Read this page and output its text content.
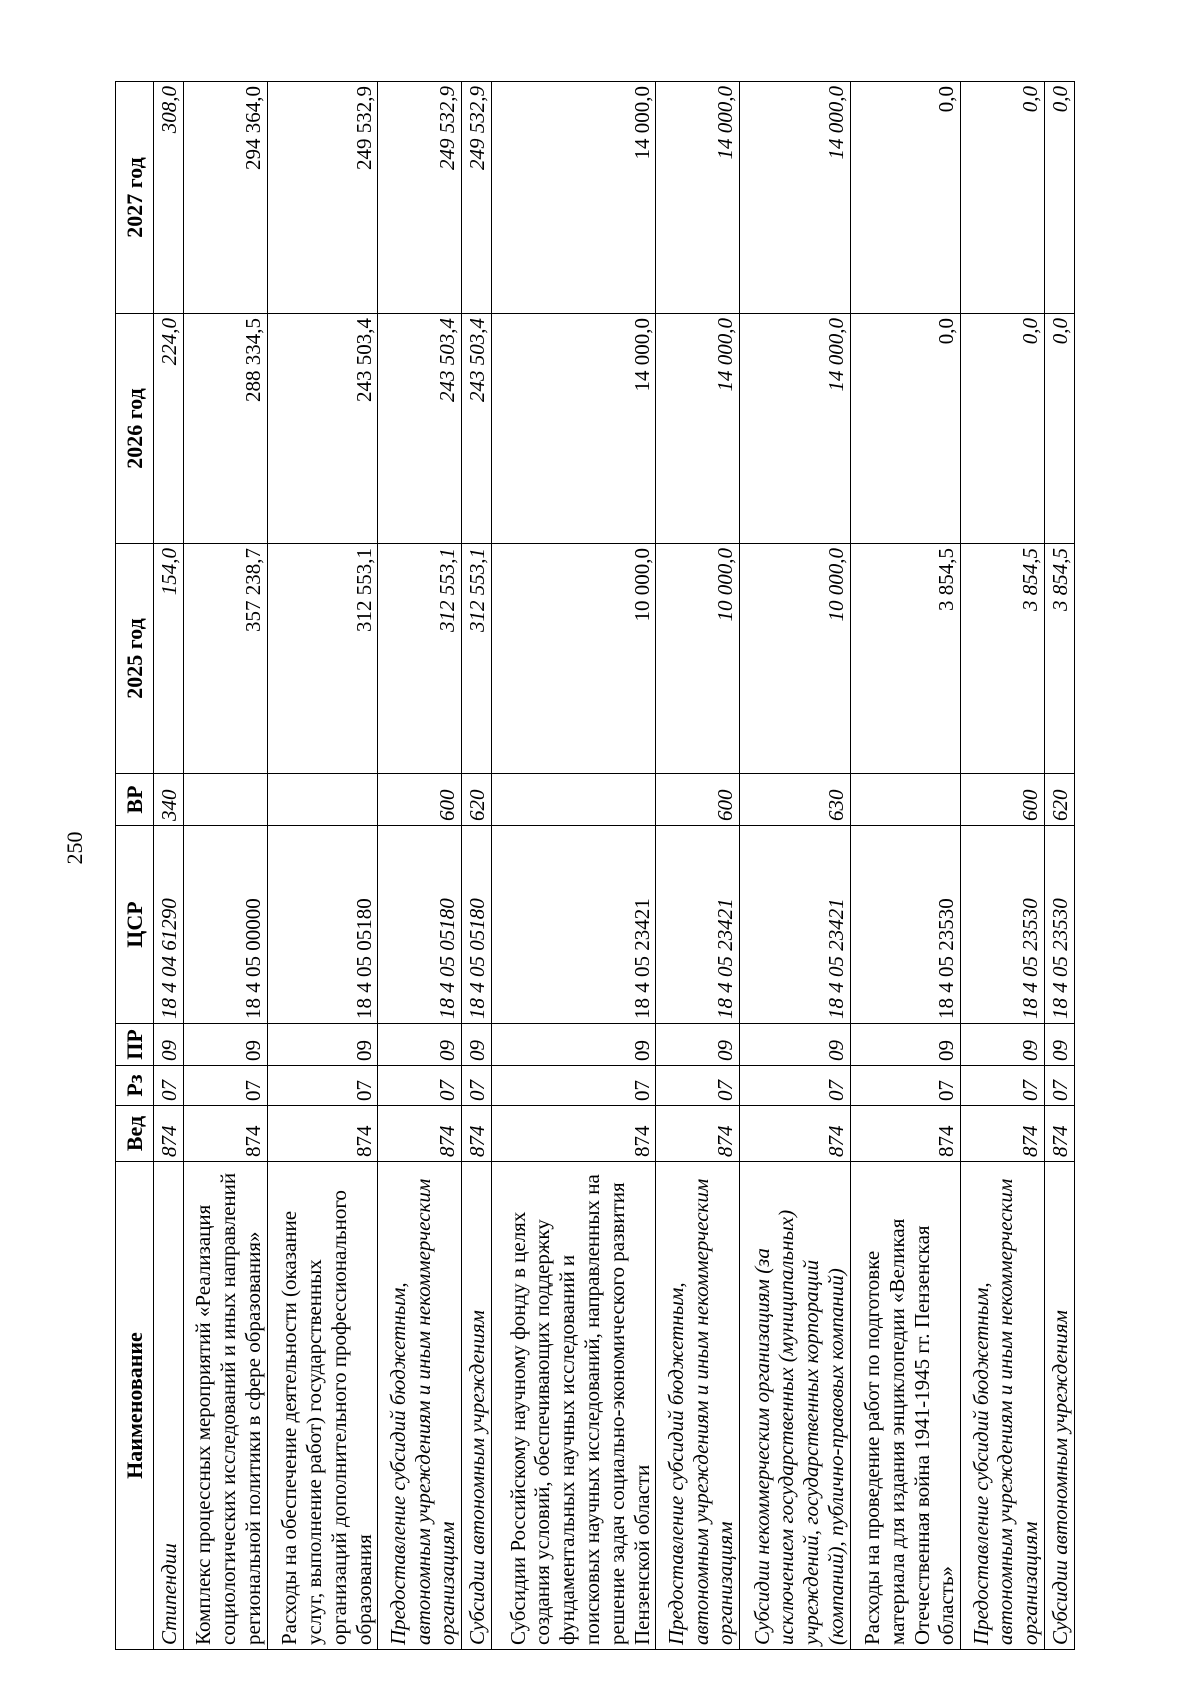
250
Наименование	Вед	Рз	ПР	ЦСР	ВР	2025 год	2026 год	2027 год
Стипендии	874	07	09	18 4 04 61290	340	154,0	224,0	308,0
Комплекс процессных мероприятий «Реализация социологических исследований и иных направлений региональной политики в сфере образования»	874	07	09	18 4 05 00000		357 238,7	288 334,5	294 364,0
Расходы на обеспечение деятельности (оказание услуг, выполнение работ) государственных организаций дополнительного профессионального образования	874	07	09	18 4 05 05180		312 553,1	243 503,4	249 532,9
Предоставление субсидий бюджетным, автономным учреждениям и иным некоммерческим организациям	874	07	09	18 4 05 05180	600	312 553,1	243 503,4	249 532,9
Субсидии автономным учреждениям	874	07	09	18 4 05 05180	620	312 553,1	243 503,4	249 532,9
Субсидии Российскому научному фонду в целях создания условий, обеспечивающих поддержку фундаментальных научных исследований и поисковых научных исследований, направленных на решение задач социально-экономического развития Пензенской области	874	07	09	18 4 05 23421		10 000,0	14 000,0	14 000,0
Предоставление субсидий бюджетным, автономным учреждениям и иным некоммерческим организациям	874	07	09	18 4 05 23421	600	10 000,0	14 000,0	14 000,0
Субсидии некоммерческим организациям (за исключением государственных (муниципальных) учреждений, государственных корпораций (компаний), публично-правовых компаний)	874	07	09	18 4 05 23421	630	10 000,0	14 000,0	14 000,0
Расходы на проведение работ по подготовке материала для издания энциклопедии «Великая Отечественная война 1941-1945 гг. Пензенская область»	874	07	09	18 4 05 23530		3 854,5	0,0	0,0
Предоставление субсидий бюджетным, автономным учреждениям и иным некоммерческим организациям	874	07	09	18 4 05 23530	600	3 854,5	0,0	0,0
Субсидии автономным учреждениям	874	07	09	18 4 05 23530	620	3 854,5	0,0	0,0
